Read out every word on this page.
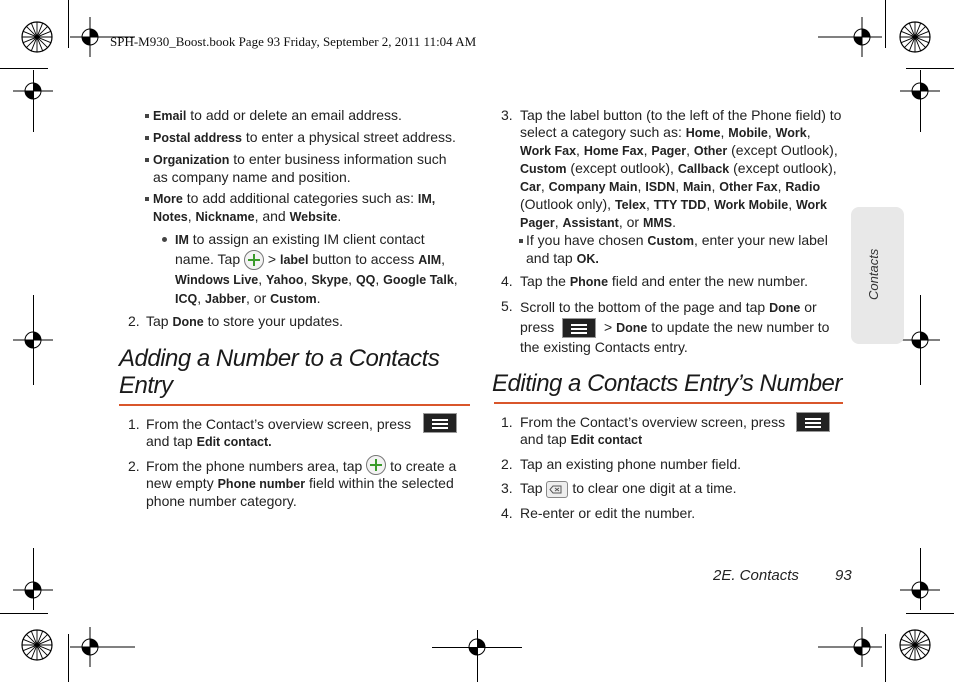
SPH-M930_Boost.book Page 93 Friday, September 2, 2011 11:04 AM
Email to add or delete an email address.
Postal address to enter a physical street address.
Organization to enter business information such as company name and position.
More to add additional categories such as: IM, Notes, Nickname, and Website.
IM to assign an existing IM client contact name. Tap
> label button to access AIM, Windows Live, Yahoo, Skype, QQ, Google Talk, ICQ, Jabber, or Custom.
2. Tap Done to store your updates.
Adding a Number to a Contacts Entry
1. From the Contact’s overview screen, press

and tap Edit contact.
2. From the phone numbers area, tap
to create a new empty Phone number field within the selected phone number category.
3. Tap the label button (to the left of the Phone field) to select a category such as: Home, Mobile, Work, Work Fax, Home Fax, Pager, Other (except Outlook), Custom (except outlook), Callback (except outlook), Car, Company Main, ISDN, Main, Other Fax, Radio (Outlook only), Telex, TTY TDD, Work Mobile, Work Pager, Assistant, or MMS.
If you have chosen Custom, enter your new label and tap OK.
4. Tap the Phone field and enter the new number.
5. Scroll to the bottom of the page and tap Done or press	> Done to update the new number to the existing Contacts entry.
Editing a Contacts Entry’s Number
1. From the Contact’s overview screen, press

and tap Edit contact
2. Tap an existing phone number field.
3. Tap
to clear one digit at a time.
4. Re-enter or edit the number.
Contacts
2E. Contacts 93
